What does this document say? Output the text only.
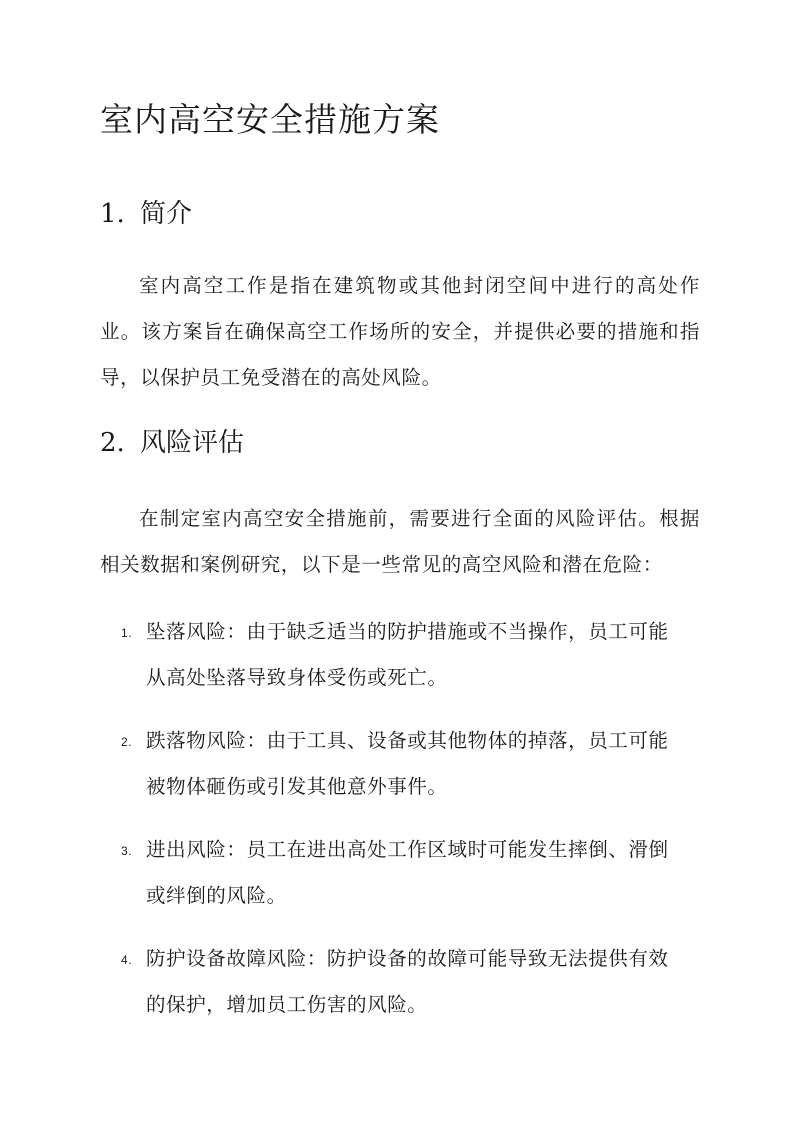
室内高空安全措施方案
1. 简介

室内高空工作是指在建筑物或其他封闭空间中进行的高处作业。该方案旨在确保高空工作场所的安全，并提供必要的措施和指导，以保护员工免受潜在的高处风险。

2. 风险评估

在制定室内高空安全措施前，需要进行全面的风险评估。根据相关数据和案例研究，以下是一些常见的高空风险和潜在危险：

1. 坠落风险：由于缺乏适当的防护措施或不当操作，员工可能
从高处坠落导致身体受伤或死亡。
2. 跌落物风险：由于工具、设备或其他物体的掉落，员工可能
被物体砸伤或引发其他意外事件。
3. 进出风险：员工在进出高处工作区域时可能发生摔倒、滑倒
或绊倒的风险。
4. 防护设备故障风险：防护设备的故障可能导致无法提供有效
的保护，增加员工伤害的风险。
